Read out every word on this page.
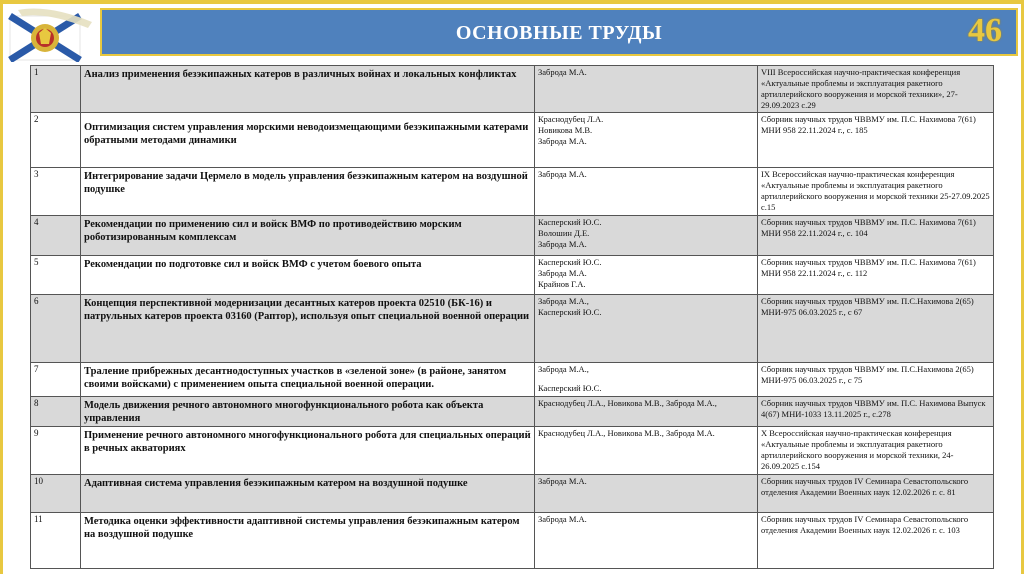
ОСНОВНЫЕ ТРУДЫ	46
1	Анализ применения безэкипажных катеров в различных войнах и локальных конфликтах	Заброда М.А.	VIII Всероссийская научно-практическая конференция «Актуальные проблемы и эксплуатация ракетного артиллерийского вооружения и морской техники», 27-29.09.2023 с.29
2	Оптимизация систем управления морскими неводоизмещающими безэкипажными катерами обратными методами динамики	Краснодубец Л.А.
Новикова М.В.
Заброда М.А.	Сборник научных трудов ЧВВМУ им. П.С. Нахимова 7(61) МНИ 958 22.11.2024 г., с. 185
3	Интегрирование задачи Цермело в модель управления безэкипажным катером на воздушной подушке	Заброда М.А.	IX Всероссийская научно-практическая конференция «Актуальные проблемы и эксплуатация ракетного артиллерийского вооружения и морской техники 25-27.09.2025 с.15
4	Рекомендации по применению сил и войск ВМФ по противодействию морским роботизированным комплексам	Касперский Ю.С.
Волошин Д.Е.
Заброда М.А.	Сборник научных трудов ЧВВМУ им. П.С. Нахимова 7(61) МНИ 958 22.11.2024 г., с. 104
5	Рекомендации по подготовке сил и войск ВМФ с учетом боевого опыта	Касперский Ю.С.
Заброда М.А.
Крайнов Г.А.	Сборник научных трудов ЧВВМУ им. П.С. Нахимова 7(61) МНИ 958 22.11.2024 г., с. 112
6	Концепция перспективной модернизации десантных катеров проекта 02510 (БК-16) и патрульных катеров проекта 03160 (Раптор), используя опыт специальной военной операции	Заброда М.А.,
Касперский Ю.С.	Сборник научных трудов ЧВВМУ им. П.С.Нахимова 2(65) МНИ-975 06.03.2025 г., с 67
7	Траление прибрежных десантнодоступных участков в «зеленой зоне» (в районе, занятом своими войсками) с применением опыта специальной военной операции.	Заброда М.А.,
Касперский Ю.С.	Сборник научных трудов ЧВВМУ им. П.С.Нахимова 2(65) МНИ-975 06.03.2025 г., с 75
8	Модель движения речного автономного многофункционального робота как объекта управления	Краснодубец Л.А., Новикова М.В., Заброда М.А.,	Сборник научных трудов ЧВВМУ им. П.С. Нахимова Выпуск 4(67) МНИ-1033 13.11.2025 г., с.278
9	Применение речного автономного многофункционального робота для специальных операций в речных акваториях	Краснодубец Л.А., Новикова М.В., Заброда М.А.	X Всероссийская научно-практическая конференция «Актуальные проблемы и эксплуатация ракетного артиллерийского вооружения и морской техники, 24-26.09.2025 с.154
10	Адаптивная система управления безэкипажным катером на воздушной подушке	Заброда М.А.	Сборник научных трудов IV Семинара Севастопольского отделения Академии Военных наук 12.02.2026 г. с. 81
11	Методика оценки эффективности адаптивной системы управления безэкипажным катером на воздушной подушке	Заброда М.А.	Сборник научных трудов IV Семинара Севастопольского отделения Академии Военных наук 12.02.2026 г. с. 103
